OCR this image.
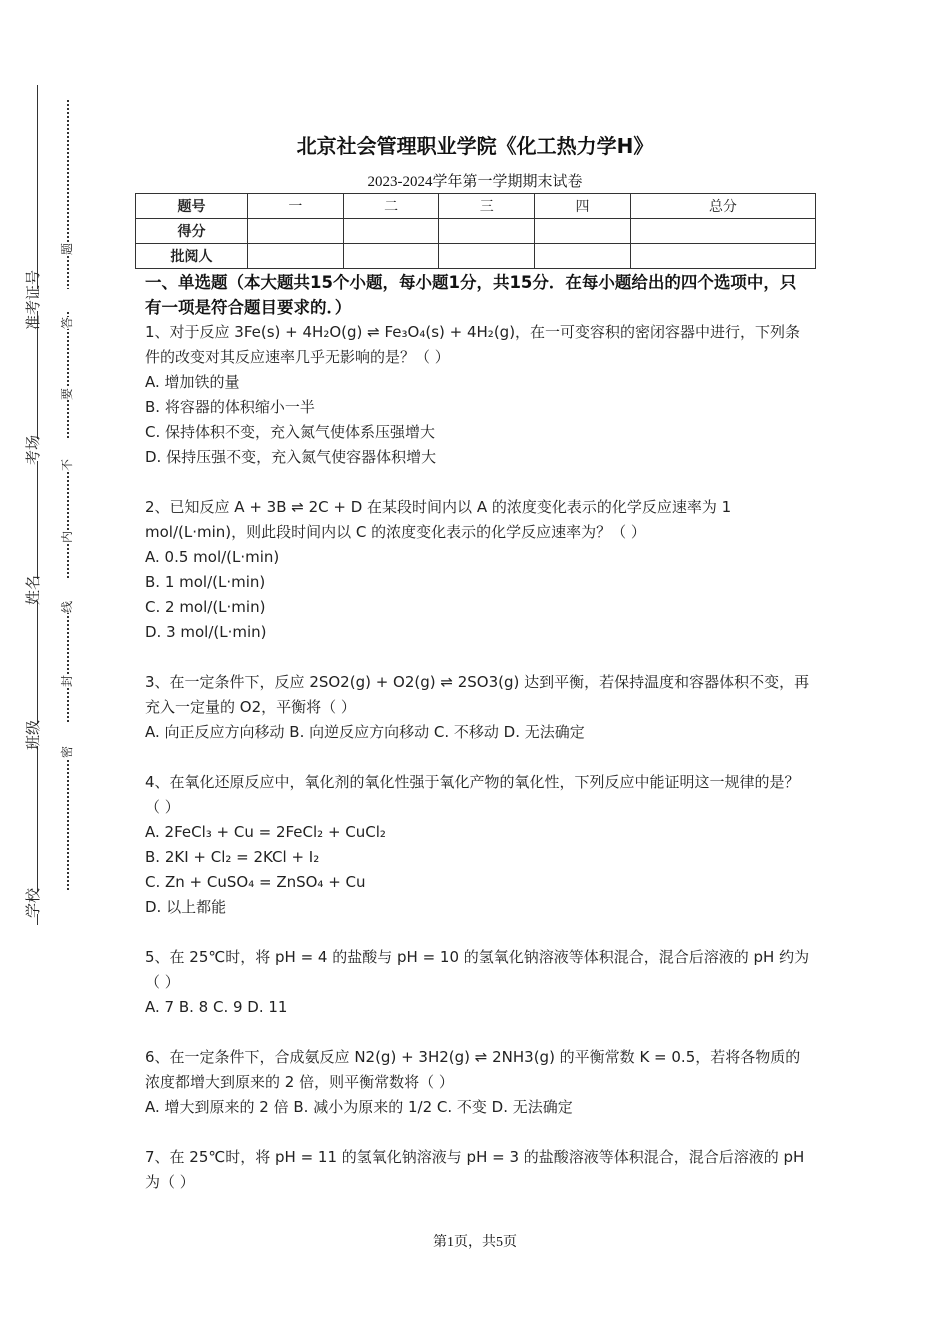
准考证号
考场
姓名
班级
学校
题
答
要
不
内
线
封
密
北京社会管理职业学院《化工热力学H》
2023-2024学年第一学期期末试卷
题号	一	二	三	四	总分
得分					
批阅人					
一、单选题（本大题共15个小题，每小题1分，共15分．在每小题给出的四个选项中，只有一项是符合题目要求的．）

1、对于反应 3Fe(s) + 4H₂O(g) ⇌ Fe₃O₄(s) + 4H₂(g)，在一可变容积的密闭容器中进行，下列条件的改变对其反应速率几乎无影响的是？（ ）

A. 增加铁的量

B. 将容器的体积缩小一半

C. 保持体积不变，充入氮气使体系压强增大

D. 保持压强不变，充入氮气使容器体积增大

2、已知反应 A + 3B ⇌ 2C + D 在某段时间内以 A 的浓度变化表示的化学反应速率为 1 mol/(L·min)，则此段时间内以 C 的浓度变化表示的化学反应速率为？（ ）

A. 0.5 mol/(L·min)

B. 1 mol/(L·min)

C. 2 mol/(L·min)

D. 3 mol/(L·min)

3、在一定条件下，反应 2SO2(g) + O2(g) ⇌ 2SO3(g) 达到平衡，若保持温度和容器体积不变，再充入一定量的 O2，平衡将（ ）

A. 向正反应方向移动 B. 向逆反应方向移动 C. 不移动 D. 无法确定

4、在氧化还原反应中，氧化剂的氧化性强于氧化产物的氧化性，下列反应中能证明这一规律的是？（ ）

A. 2FeCl₃ + Cu = 2FeCl₂ + CuCl₂

B. 2KI + Cl₂ = 2KCl + I₂

C. Zn + CuSO₄ = ZnSO₄ + Cu

D. 以上都能

5、在 25℃时，将 pH = 4 的盐酸与 pH = 10 的氢氧化钠溶液等体积混合，混合后溶液的 pH 约为（ ）

A. 7 B. 8 C. 9 D. 11

6、在一定条件下，合成氨反应 N2(g) + 3H2(g) ⇌ 2NH3(g) 的平衡常数 K = 0.5，若将各物质的浓度都增大到原来的 2 倍，则平衡常数将（ ）

A. 增大到原来的 2 倍 B. 减小为原来的 1/2 C. 不变 D. 无法确定

7、在 25℃时，将 pH = 11 的氢氧化钠溶液与 pH = 3 的盐酸溶液等体积混合，混合后溶液的 pH 为（ ）

第1页，共5页
